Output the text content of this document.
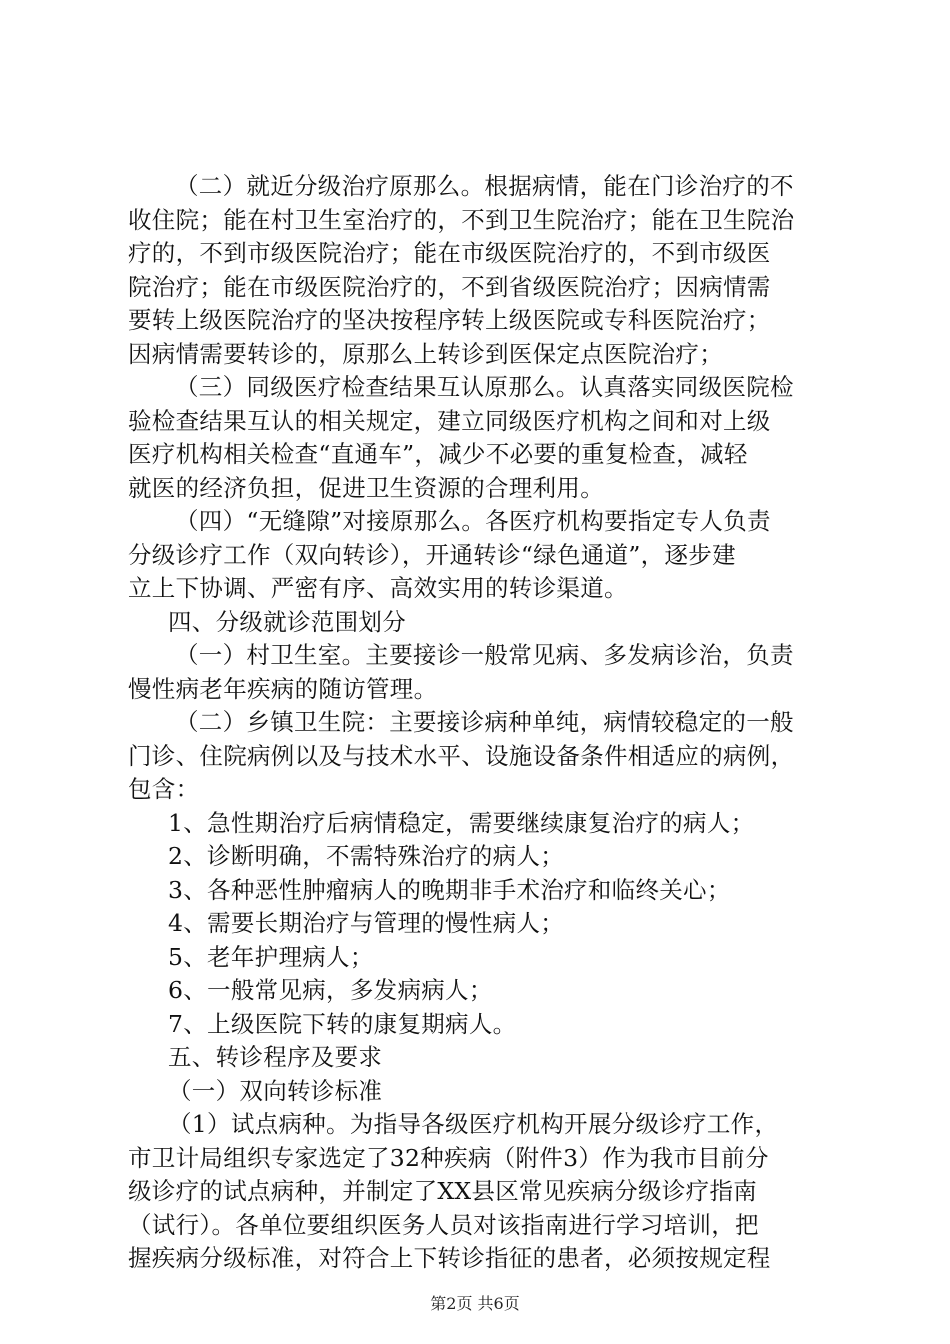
（二）就近分级治疗原那么。根据病情，能在门诊治疗的不
收住院；能在村卫生室治疗的，不到卫生院治疗；能在卫生院治
疗的，不到市级医院治疗；能在市级医院治疗的，不到市级医
院治疗；能在市级医院治疗的，不到省级医院治疗；因病情需
要转上级医院治疗的坚决按程序转上级医院或专科医院治疗；
因病情需要转诊的，原那么上转诊到医保定点医院治疗；
（三）同级医疗检查结果互认原那么。认真落实同级医院检
验检查结果互认的相关规定，建立同级医疗机构之间和对上级
医疗机构相关检查“直通车”，减少不必要的重复检查，减轻
就医的经济负担，促进卫生资源的合理利用。
（四）“无缝隙”对接原那么。各医疗机构要指定专人负责
分级诊疗工作（双向转诊），开通转诊“绿色通道”，逐步建
立上下协调、严密有序、高效实用的转诊渠道。
四、分级就诊范围划分
（一）村卫生室。主要接诊一般常见病、多发病诊治，负责
慢性病老年疾病的随访管理。
（二）乡镇卫生院：主要接诊病种单纯，病情较稳定的一般
门诊、住院病例以及与技术水平、设施设备条件相适应的病例，
包含：
1、急性期治疗后病情稳定，需要继续康复治疗的病人；
2、诊断明确，不需特殊治疗的病人；
3、各种恶性肿瘤病人的晚期非手术治疗和临终关心；
4、需要长期治疗与管理的慢性病人；
5、老年护理病人；
6、一般常见病，多发病病人；
7、上级医院下转的康复期病人。
五、转诊程序及要求
（一）双向转诊标准
（1）试点病种。为指导各级医疗机构开展分级诊疗工作，
市卫计局组织专家选定了32种疾病（附件3）作为我市目前分
级诊疗的试点病种，并制定了XX县区常见疾病分级诊疗指南
（试行）。各单位要组织医务人员对该指南进行学习培训，把
握疾病分级标准，对符合上下转诊指征的患者，必须按规定程
第2页 共6页
